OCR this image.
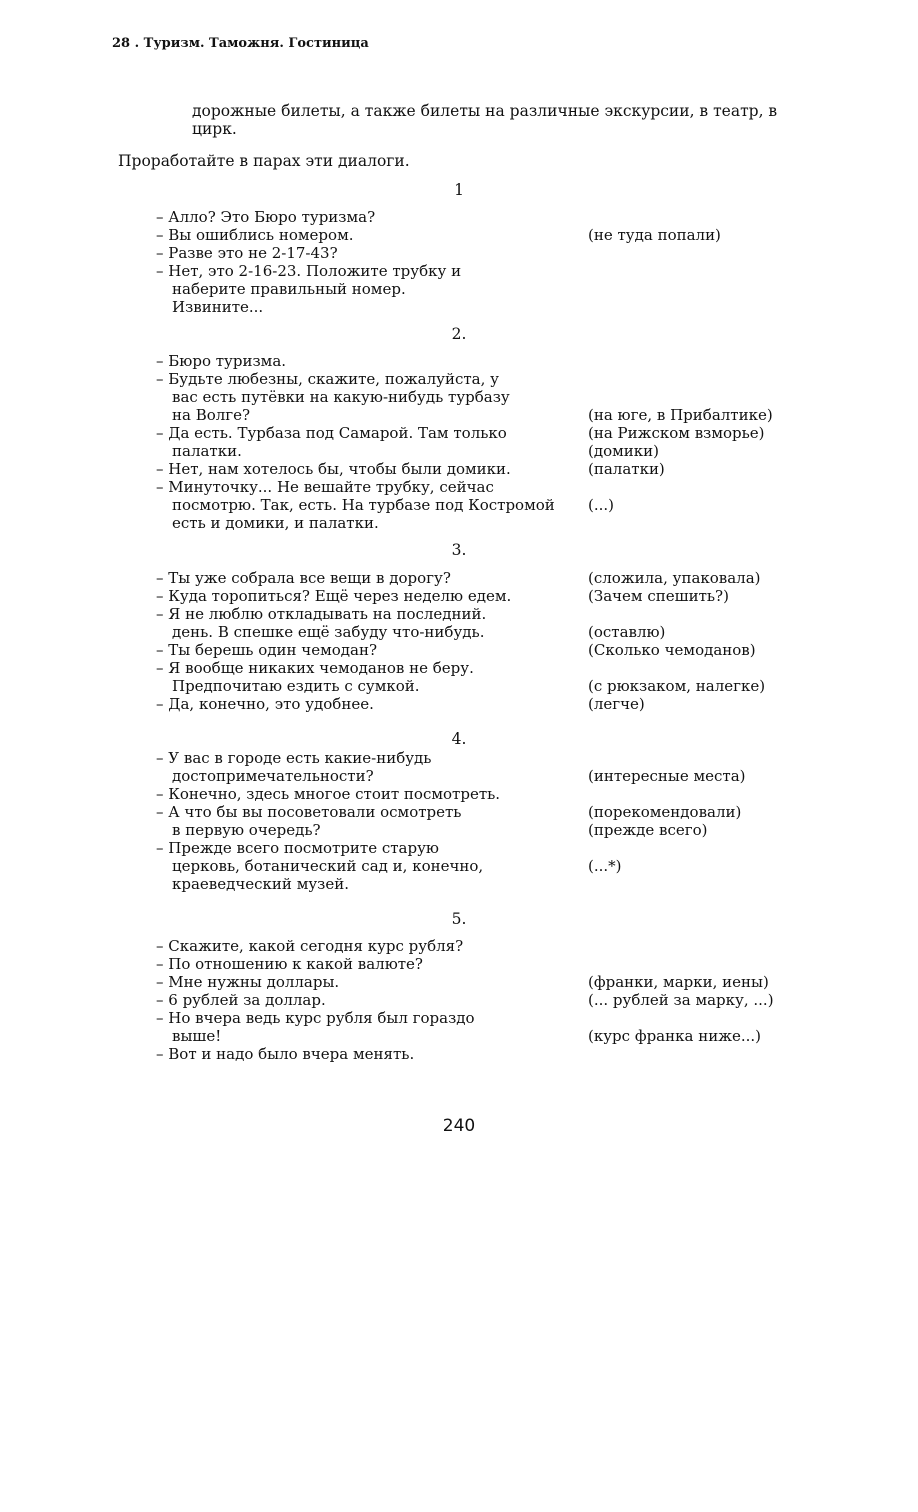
28 . Туризм. Таможня. Гостиница
дорожные билеты, а также билеты на различные экскурсии, в театр, в цирк.
Проработайте в парах эти диалоги.
1
– Алло? Это Бюро туризма?
– Вы ошиблись номером.	(не туда попали)
– Разве это не 2-17-43?
– Нет, это 2-16-23. Положите трубку и
наберите правильный номер.
Извините...
2.
– Бюро туризма.
– Будьте любезны, скажите, пожалуйста, у
вас есть путёвки на какую-нибудь турбазу
на Волге?	(на юге, в Прибалтике)
– Да есть. Турбаза под Самарой. Там только	(на Рижском взморье)
палатки.	(домики)
– Нет, нам хотелось бы, чтобы были домики.	(палатки)
– Минуточку... Не вешайте трубку, сейчас
посмотрю. Так, есть. На турбазе под Костромой (...)
есть и домики, и палатки.
3.
– Ты уже собрала все вещи в дорогу?	(сложила, упаковала)
– Куда торопиться? Ещё через неделю едем.	(Зачем спешить?)
– Я не люблю откладывать на последний.
день. В спешке ещё забуду что-нибудь.	(оставлю)
– Ты берешь один чемодан?	(Сколько чемоданов)
– Я вообще никаких чемоданов не беру.
Предпочитаю ездить с сумкой.	(с рюкзаком, налегке)
– Да, конечно, это удобнее.	(легче)
4.
– У вас в городе есть какие-нибудь
достопримечательности?	(интересные места)
– Конечно, здесь многое стоит посмотреть.
– А что бы вы посоветовали осмотреть	(порекомендовали)
в первую очередь?	(прежде всего)
– Прежде всего посмотрите старую
церковь, ботанический сад и, конечно,	(...*)
краеведческий музей.
5.
– Скажите, какой сегодня курс рубля?
– По отношению к какой валюте?
– Мне нужны доллары.	(франки, марки, иены)
– 6 рублей за доллар.	(... рублей за марку, ...)
– Но вчера ведь курс рубля был гораздо
выше!	(курс франка ниже...)
– Вот и надо было вчера менять.
240
